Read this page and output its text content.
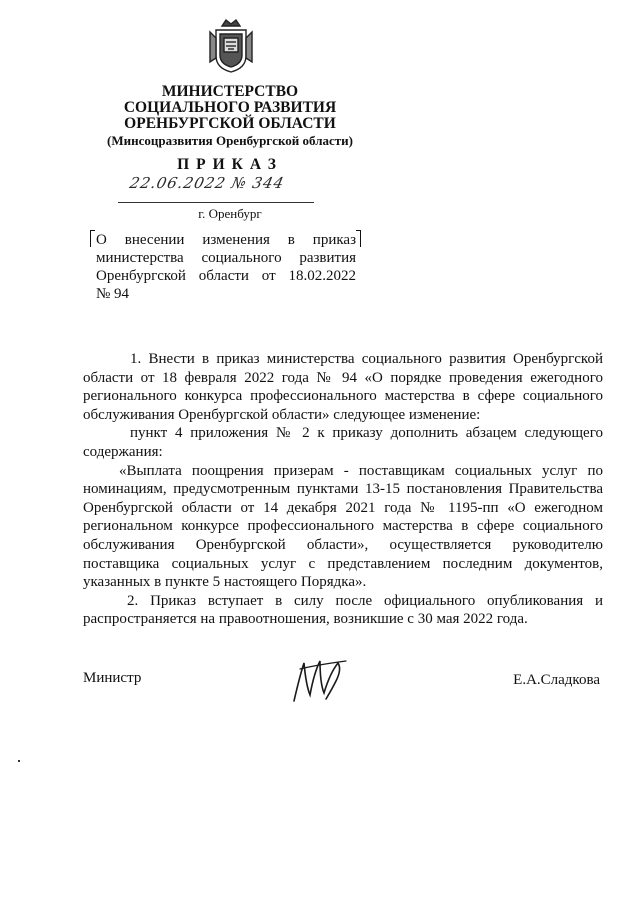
МИНИСТЕРСТВО
СОЦИАЛЬНОГО РАЗВИТИЯ
ОРЕНБУРГСКОЙ ОБЛАСТИ
(Минсоцразвития Оренбургской области)
ПРИКАЗ
22.06.2022 № 344
г. Оренбург

О внесении изменения в приказ

министерства социального развития

Оренбургской области от 18.02.2022

№ 94

1. Внести в приказ министерства социального развития Оренбургской области от 18 февраля 2022 года № 94 «О порядке проведения ежегодного регионального конкурса профессионального мастерства в сфере социального обслуживания Оренбургской области» следующее изменение:

пункт 4 приложения № 2 к приказу дополнить абзацем следующего содержания:

«Выплата поощрения призерам - поставщикам социальных услуг по номинациям, предусмотренным пунктами 13-15 постановления Правительства Оренбургской области от 14 декабря 2021 года № 1195-пп «О ежегодном региональном конкурсе профессионального мастерства в сфере социального обслуживания Оренбургской области», осуществляется руководителю поставщика социальных услуг с представлением последним документов, указанных в пункте 5 настоящего Порядка».

2. Приказ вступает в силу после официального опубликования и распространяется на правоотношения, возникшие с 30 мая 2022 года.

Министр	Е.А.Сладкова
